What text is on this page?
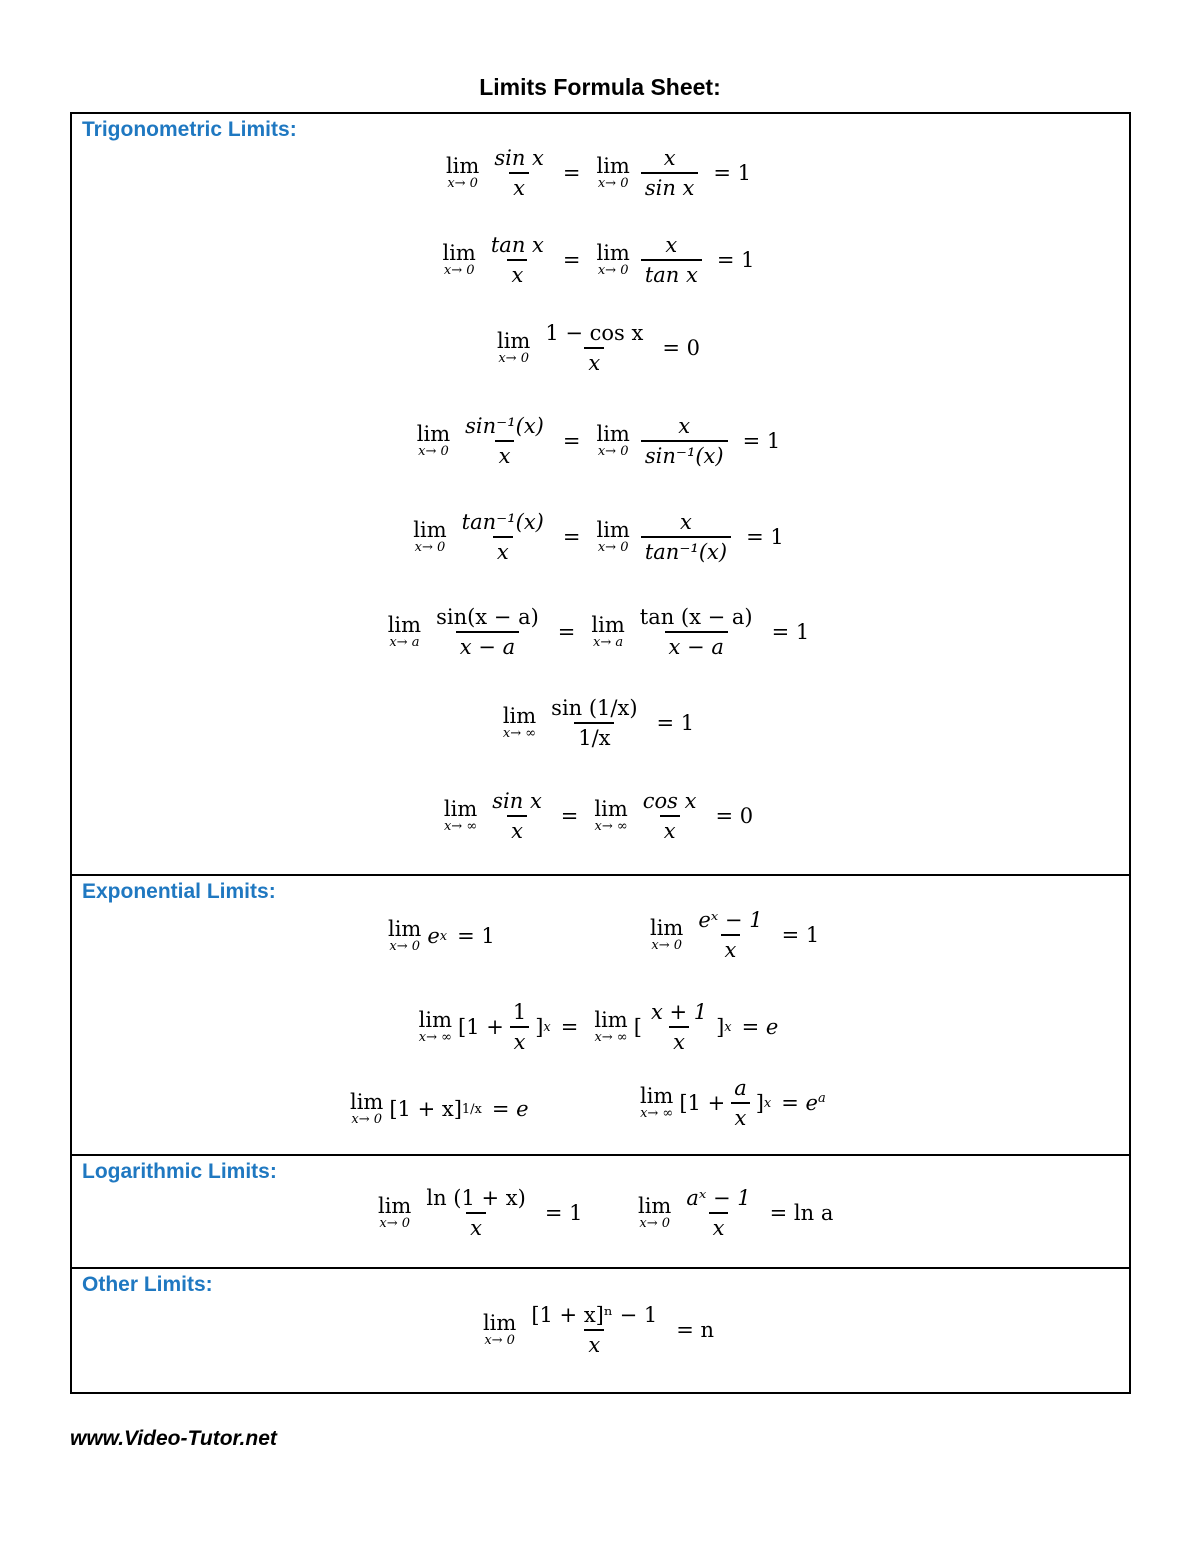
Limits Formula Sheet:
Trigonometric Limits:
lim
$x\to 0 \frac{\text{sin x}}{x} = \lim$
$x\to 0 \frac{x}{\text{sin x}} = 1$
lim
$x\to 0 \frac{\text{tan x}}{x} = \lim$
$x\to 0 \frac{x}{\text{tan x}} = 1$
lim
$x\to 0 \frac{\text{1 − cos x}}{x} = 0$
lim
$x\to 0 \frac{\text{sin⁻¹(x)}}{x} = \lim$
$x\to 0 \frac{x}{\text{sin⁻¹(x)}} = 1$
lim
$x\to 0 \frac{\text{tan⁻¹(x)}}{x} = \lim$
$x\to 0 \frac{x}{\text{tan⁻¹(x)}} = 1$
lim
x→ a $\frac{\sin(x - a)}{x - a} = \lim$
x→ a $\frac{\tan (x - a)}{x - a} = 1$
lim
x→ ∞ $\frac{\sin (1/x)}{1/x} = 1$
lim
x→ ∞ $\frac{\text{sin x}}{x} = \lim$
x→ ∞ $\frac{\text{cos x}}{x} = 0$
Exponential Limits:
lim
x→ 0 e x = 1	lim
$x\to 0 \frac{\text{eˣ − 1}}{x} = 1$
lim
x→ ∞ [$1 + \frac{1}{x}$ ] x = lim
x→ ∞ [ $\frac{x + 1}{x}$ ] x = e
lim
x→ 0 [1 + x] 1/x = e
lim
x→ ∞ [$1 + \frac{a}{x}$ ] $x = e^a$
Logarithmic Limits:
lim
$x\to 0 \frac{\ln (1 + x)}{x} = 1$	lim
$x\to 0 \frac{\text{aˣ − 1}}{x} = \ln a$
Other Limits:
lim
$x\to 0 \frac{\text{[1 + x]ⁿ − 1}}{x} = n$
www.Video-Tutor.net
